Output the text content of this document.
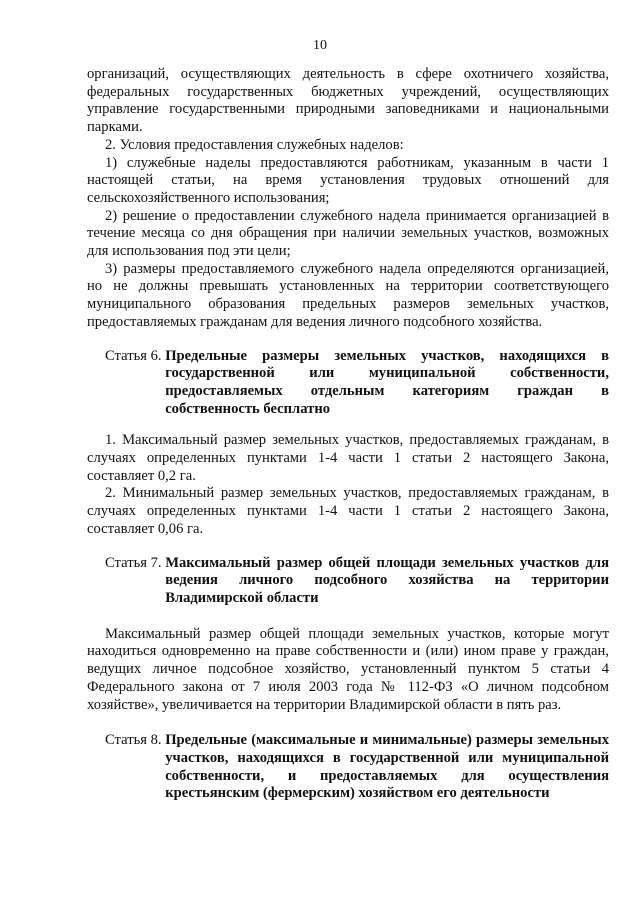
10

организаций, осуществляющих деятельность в сфере охотничего хозяйства, федеральных государственных бюджетных учреждений, осуществляющих управление государственными природными заповедниками и национальными парками.

2. Условия предоставления служебных наделов:

1) служебные наделы предоставляются работникам, указанным в части 1 настоящей статьи, на время установления трудовых отношений для сельскохозяйственного использования;

2) решение о предоставлении служебного надела принимается организацией в течение месяца со дня обращения при наличии земельных участков, возможных для использования под эти цели;

3) размеры предоставляемого служебного надела определяются организацией, но не должны превышать установленных на территории соответствующего муниципального образования предельных размеров земельных участков, предоставляемых гражданам для ведения личного подсобного хозяйства.

Статья 6.
Предельные размеры земельных участков, находящихся в государственной или муниципальной собственности, предоставляемых отдельным категориям граждан в собственность бесплатно

1. Максимальный размер земельных участков, предоставляемых гражданам, в случаях определенных пунктами 1-4 части 1 статьи 2 настоящего Закона, составляет 0,2 га.

2. Минимальный размер земельных участков, предоставляемых гражданам, в случаях определенных пунктами 1-4 части 1 статьи 2 настоящего Закона, составляет 0,06 га.

Статья 7.
Максимальный размер общей площади земельных участков для ведения личного подсобного хозяйства на территории Владимирской области

Максимальный размер общей площади земельных участков, которые могут находиться одновременно на праве собственности и (или) ином праве у граждан, ведущих личное подсобное хозяйство, установленный пунктом 5 статьи 4 Федерального закона от 7 июля 2003 года № 112-ФЗ «О личном подсобном хозяйстве», увеличивается на территории Владимирской области в пять раз.

Статья 8.
Предельные (максимальные и минимальные) размеры земельных участков, находящихся в государственной или муниципальной собственности, и предоставляемых для осуществления крестьянским (фермерским) хозяйством его деятельности
